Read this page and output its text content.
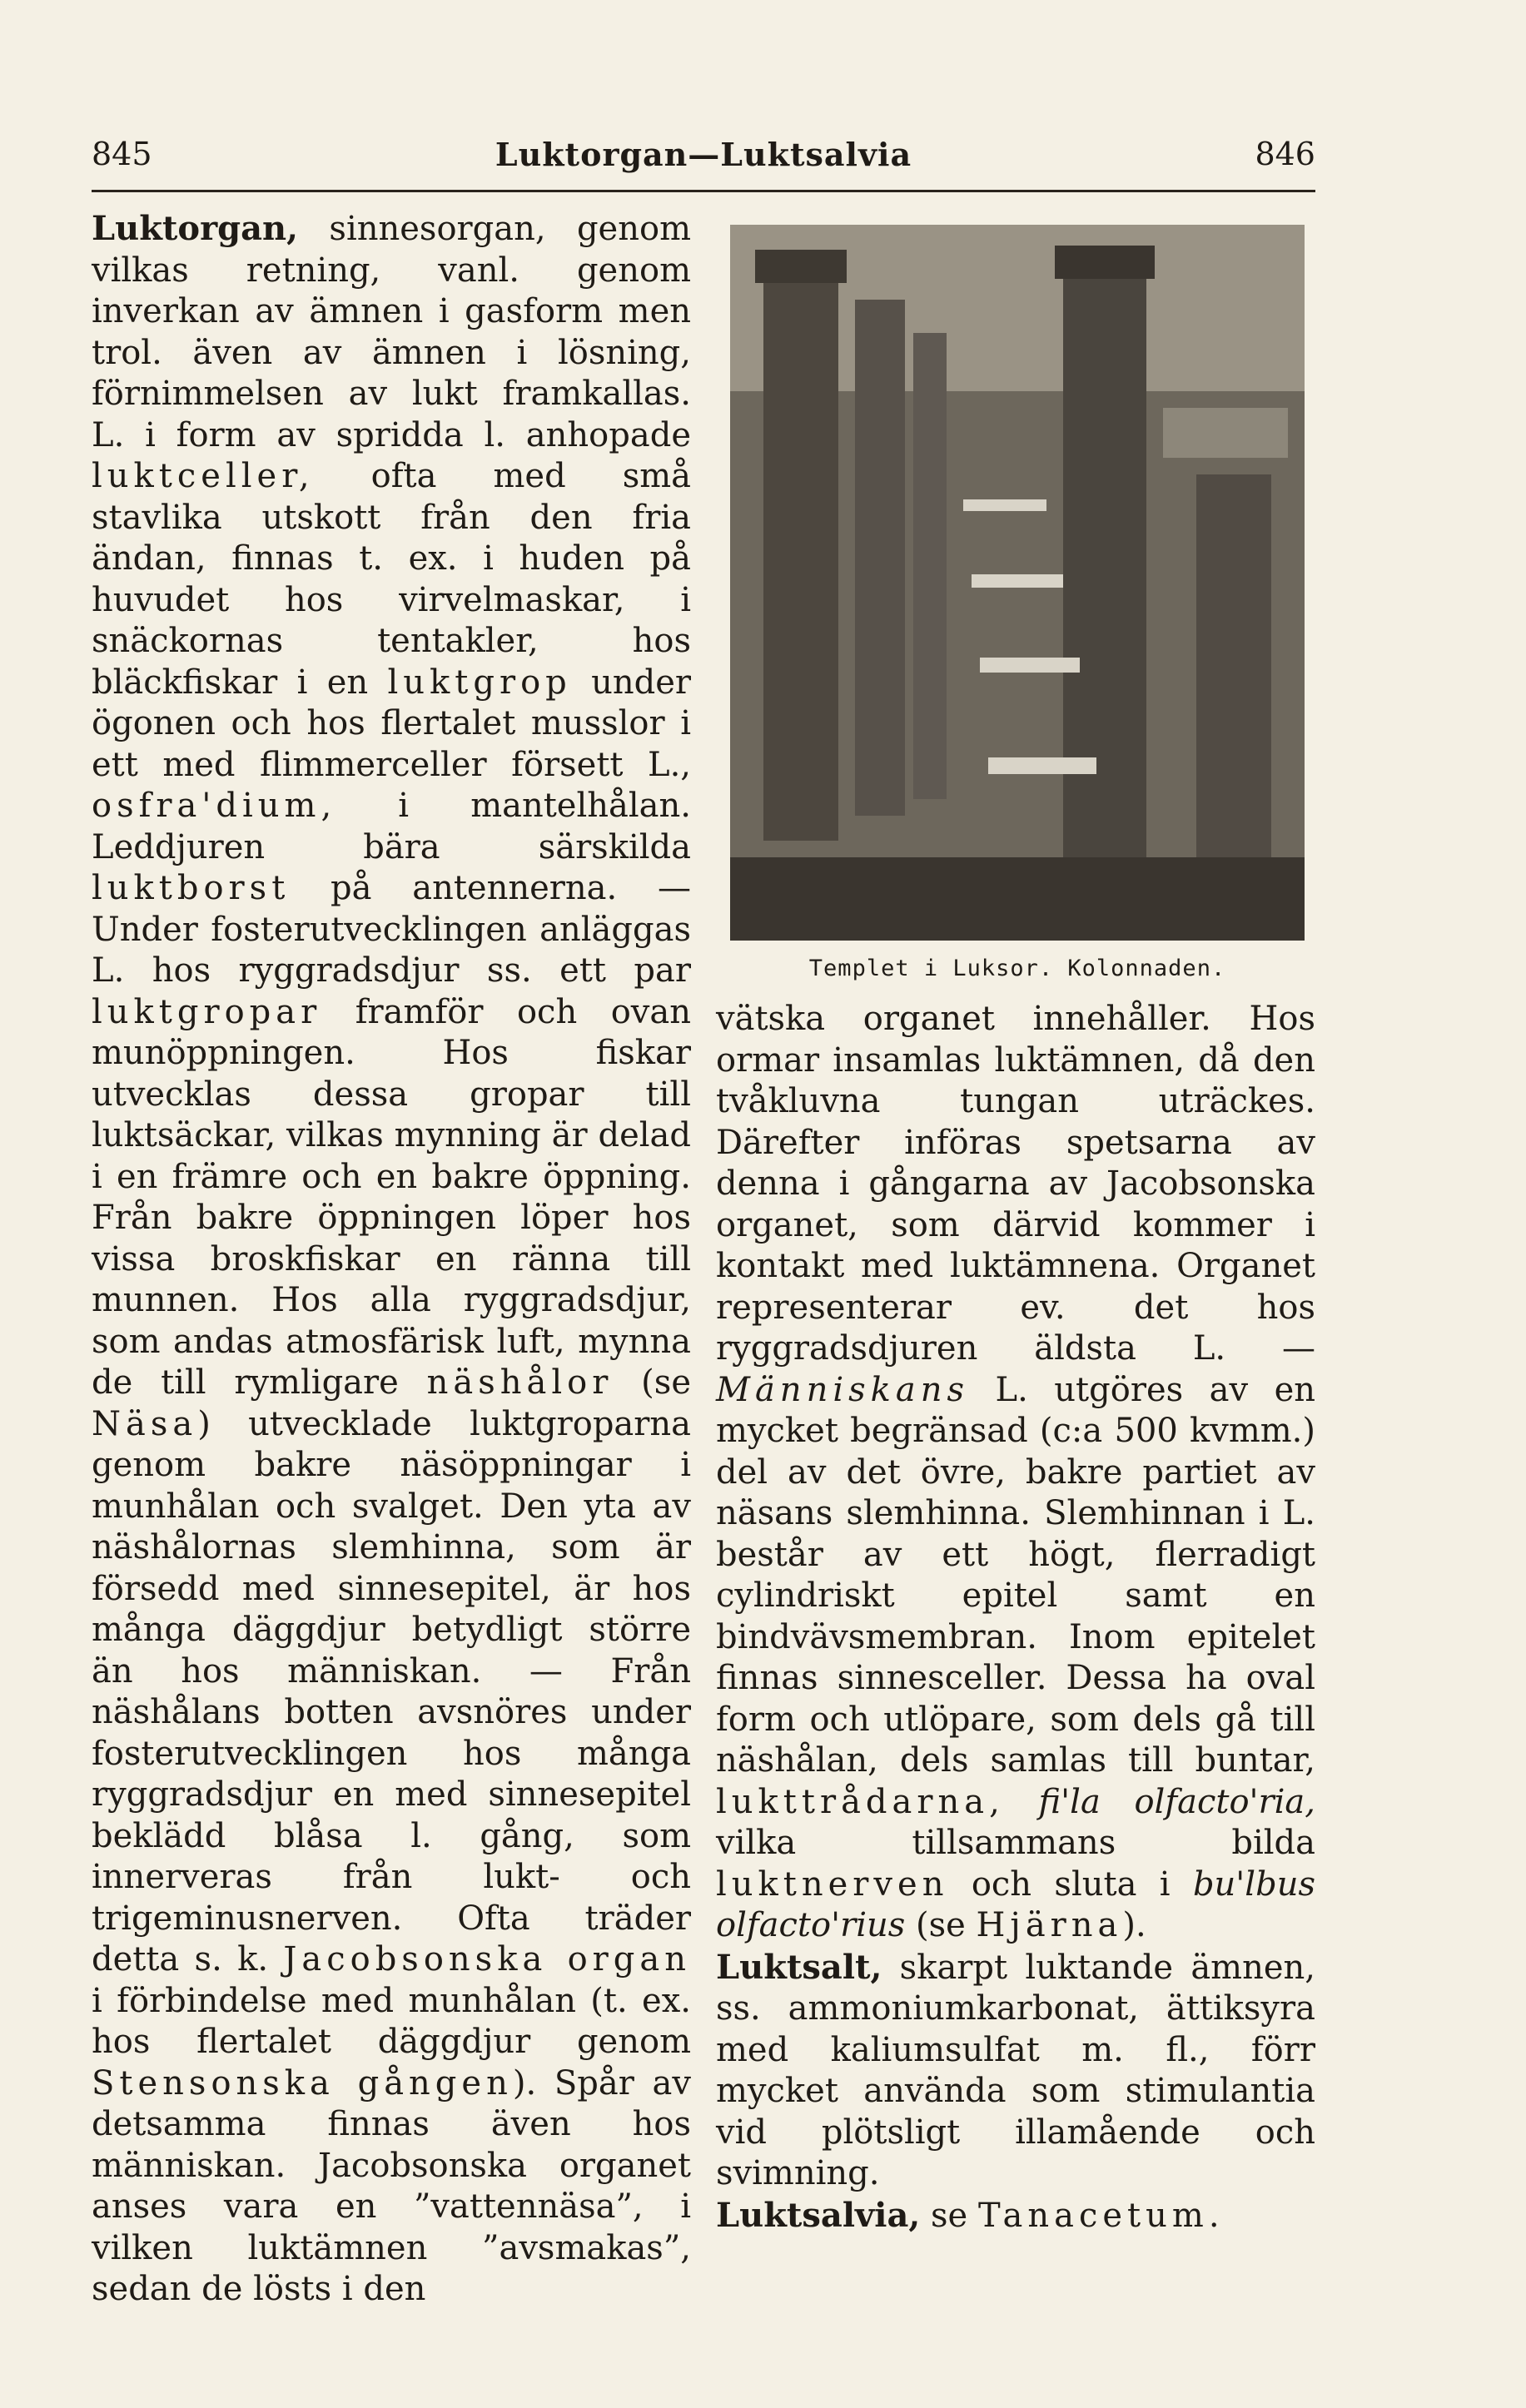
845	Luktorgan—Luktsalvia	846

Luktorgan, sinnesorgan, genom vilkas retning, vanl. genom inverkan av ämnen i gasform men trol. även av ämnen i lösning, förnimmelsen av lukt framkallas. L. i form av spridda l. anhopade luktceller, ofta med små stavlika utskott från den fria ändan, finnas t. ex. i huden på huvudet hos virvelmaskar, i snäckornas tentakler, hos bläckfiskar i en luktgrop under ögonen och hos flertalet musslor i ett med flimmerceller försett L., osfra'dium, i mantelhålan. Leddjuren bära särskilda luktborst på antennerna. — Under fosterutvecklingen anläggas L. hos ryggradsdjur ss. ett par luktgropar framför och ovan munöppningen. Hos fiskar utvecklas dessa gropar till luktsäckar, vilkas mynning är delad i en främre och en bakre öppning. Från bakre öppningen löper hos vissa broskfiskar en ränna till munnen. Hos alla ryggradsdjur, som andas atmosfärisk luft, mynna de till rymligare näshålor (se Näsa) utvecklade luktgroparna genom bakre näsöppningar i munhålan och svalget. Den yta av näshålornas slemhinna, som är försedd med sinnesepitel, är hos många däggdjur betydligt större än hos människan. — Från näshålans botten avsnöres under fosterutvecklingen hos många ryggradsdjur en med sinnesepitel beklädd blåsa l. gång, som innerveras från lukt- och trigeminusnerven. Ofta träder detta s. k. Jacobsonska organ i förbindelse med munhålan (t. ex. hos flertalet däggdjur genom Stensonska gången). Spår av detsamma finnas även hos människan. Jacobsonska organet anses vara en ”vattennäsa”, i vilken luktämnen ”avsmakas”, sedan de lösts i den

Templet i Luksor. Kolonnaden.

vätska organet innehåller. Hos ormar insamlas luktämnen, då den tvåkluvna tungan uträckes. Därefter införas spetsarna av denna i gångarna av Jacobsonska organet, som därvid kommer i kontakt med luktämnena. Organet representerar ev. det hos ryggradsdjuren äldsta L. — Människans L. utgöres av en mycket begränsad (c:a 500 kvmm.) del av det övre, bakre partiet av näsans slemhinna. Slemhinnan i L. består av ett högt, flerradigt cylindriskt epitel samt en bindvävsmembran. Inom epitelet finnas sinnesceller. Dessa ha oval form och utlöpare, som dels gå till näshålan, dels samlas till buntar, lukttrådarna, fi'la olfacto'ria, vilka tillsammans bilda luktnerven och sluta i bu'lbus olfacto'rius (se Hjärna).

Luktsalt, skarpt luktande ämnen, ss. ammoniumkarbonat, ättiksyra med kaliumsulfat m. fl., förr mycket använda som stimulantia vid plötsligt illamående och svimning.

Luktsalvia, se Tanacetum.
